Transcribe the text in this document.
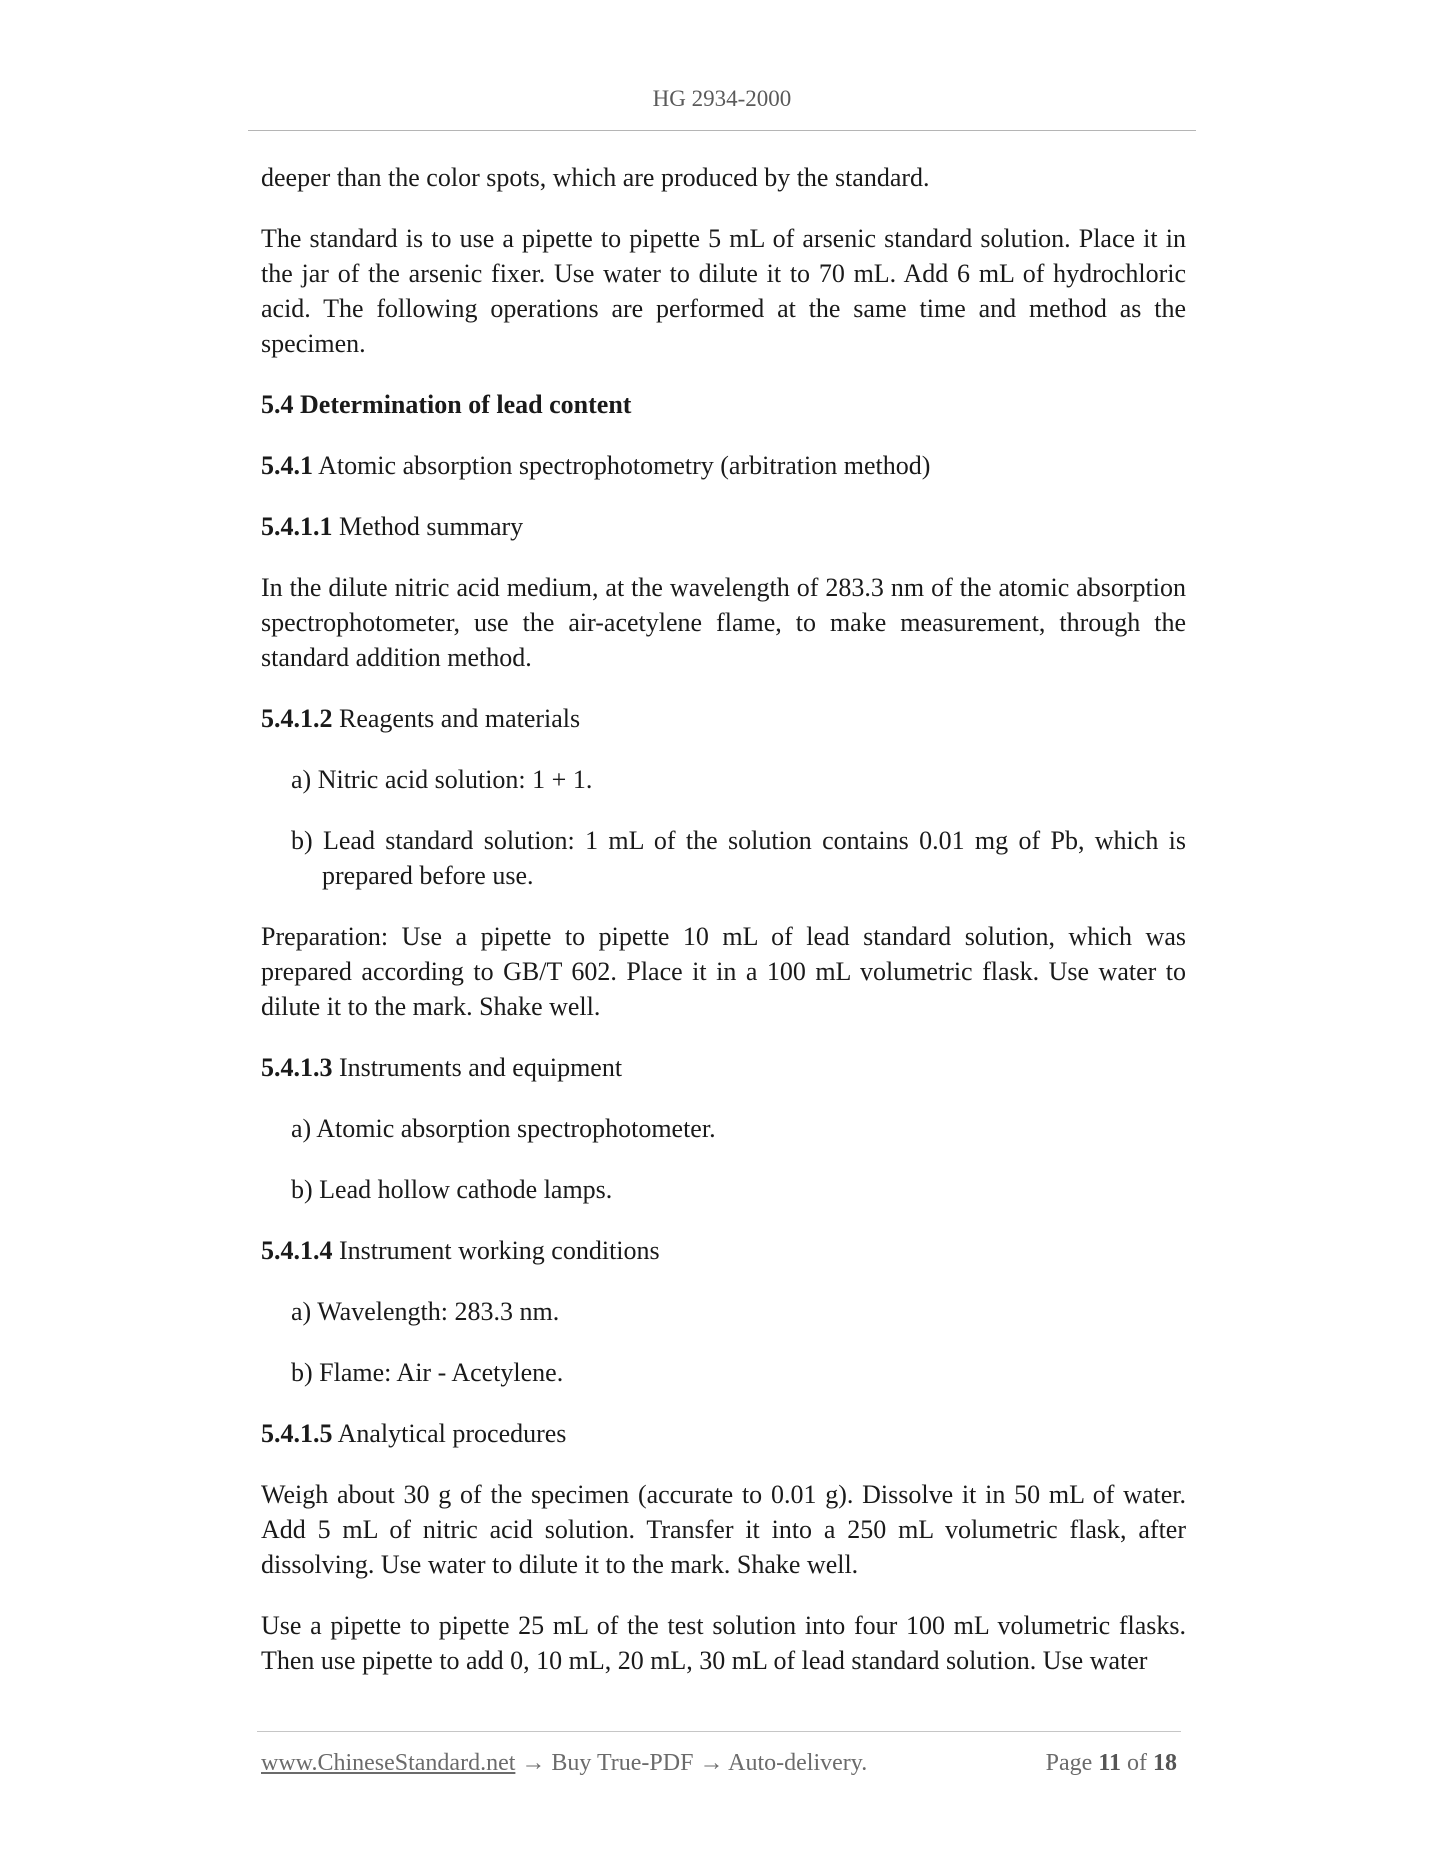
HG 2934-2000

deeper than the color spots, which are produced by the standard.

The standard is to use a pipette to pipette 5 mL of arsenic standard solution. Place it in the jar of the arsenic fixer. Use water to dilute it to 70 mL. Add 6 mL of hydrochloric acid. The following operations are performed at the same time and method as the specimen.

5.4 Determination of lead content

5.4.1 Atomic absorption spectrophotometry (arbitration method)

5.4.1.1 Method summary

In the dilute nitric acid medium, at the wavelength of 283.3 nm of the atomic absorption spectrophotometer, use the air-acetylene flame, to make measurement, through the standard addition method.

5.4.1.2 Reagents and materials

a) Nitric acid solution: 1 + 1.

b) Lead standard solution: 1 mL of the solution contains 0.01 mg of Pb, which is prepared before use.

Preparation: Use a pipette to pipette 10 mL of lead standard solution, which was prepared according to GB/T 602. Place it in a 100 mL volumetric flask. Use water to dilute it to the mark. Shake well.

5.4.1.3 Instruments and equipment

a) Atomic absorption spectrophotometer.

b) Lead hollow cathode lamps.

5.4.1.4 Instrument working conditions

a) Wavelength: 283.3 nm.

b) Flame: Air - Acetylene.

5.4.1.5 Analytical procedures

Weigh about 30 g of the specimen (accurate to 0.01 g). Dissolve it in 50 mL of water. Add 5 mL of nitric acid solution. Transfer it into a 250 mL volumetric flask, after dissolving. Use water to dilute it to the mark. Shake well.

Use a pipette to pipette 25 mL of the test solution into four 100 mL volumetric flasks. Then use pipette to add 0, 10 mL, 20 mL, 30 mL of lead standard solution. Use water

www.ChineseStandard.net → Buy True-PDF → Auto-delivery.	Page 11 of 18
